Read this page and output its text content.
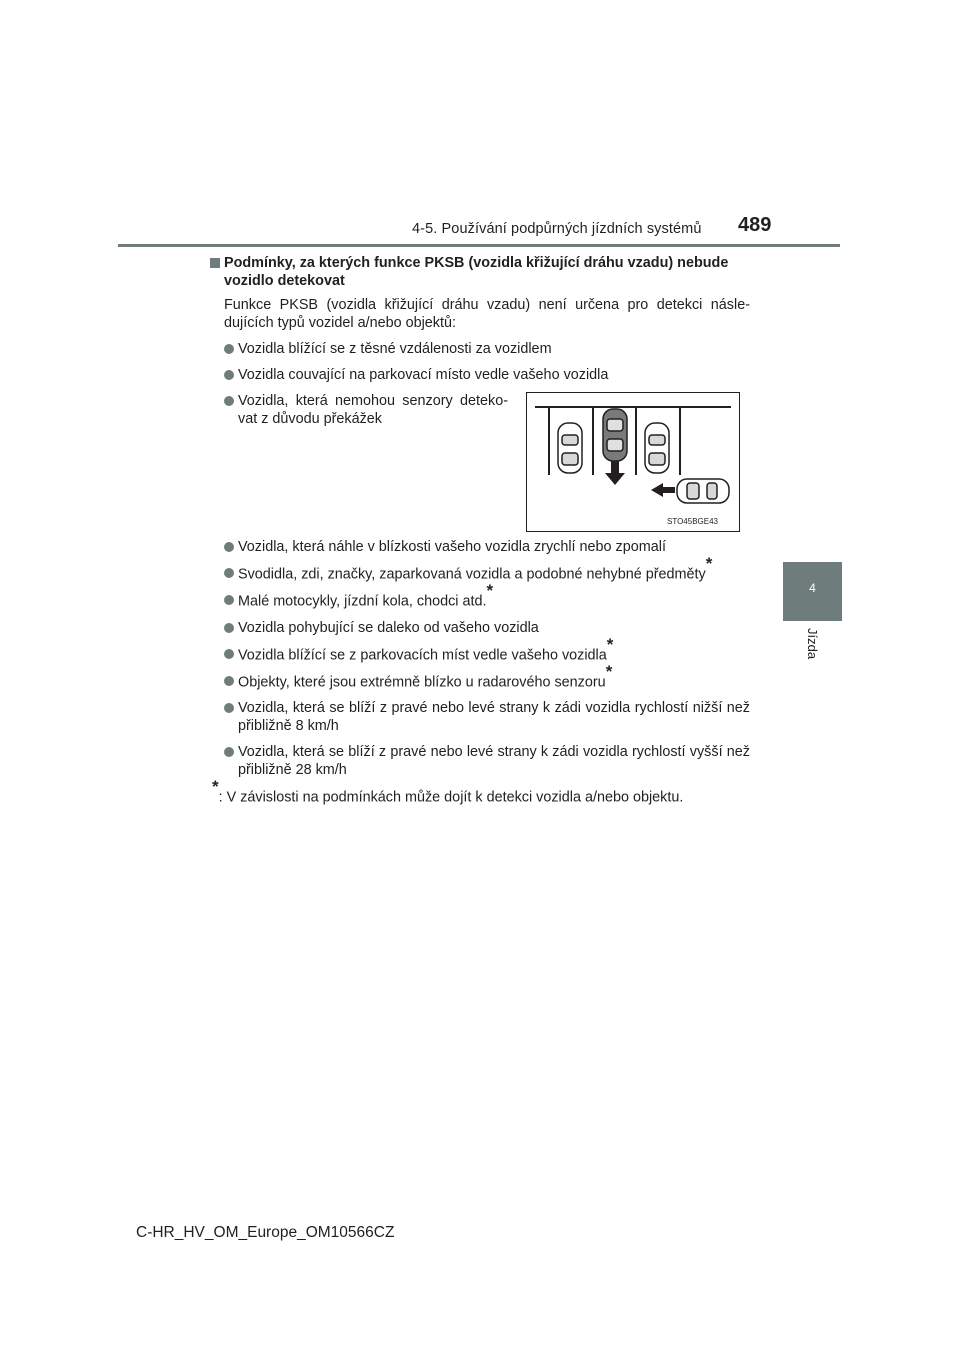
4-5. Používání podpůrných jízdních systémů 489
4
Jízda

Podmínky, za kterých funkce PKSB (vozidla křižující dráhu vzadu) nebude vozidlo detekovat

Funkce PKSB (vozidla křižující dráhu vzadu) není určena pro detekci násle-dujících typů vozidel a/nebo objektů:
Vozidla blížící se z těsné vzdálenosti za vozidlem
Vozidla couvající na parkovací místo vedle vašeho vozidla
Vozidla, která nemohou senzory deteko-vat z důvodu překážek
STO45BGE43
Vozidla, která náhle v blízkosti vašeho vozidla zrychlí nebo zpomalí
Svodidla, zdi, značky, zaparkovaná vozidla a podobné nehybné předměty*
Malé motocykly, jízdní kola, chodci atd.*
Vozidla pohybující se daleko od vašeho vozidla
Vozidla blížící se z parkovacích míst vedle vašeho vozidla*
Objekty, které jsou extrémně blízko u radarového senzoru*
Vozidla, která se blíží z pravé nebo levé strany k zádi vozidla rychlostí nižší než přibližně 8 km/h
Vozidla, která se blíží z pravé nebo levé strany k zádi vozidla rychlostí vyšší než přibližně 28 km/h
*: V závislosti na podmínkách může dojít k detekci vozidla a/nebo objektu.
C-HR_HV_OM_Europe_OM10566CZ
